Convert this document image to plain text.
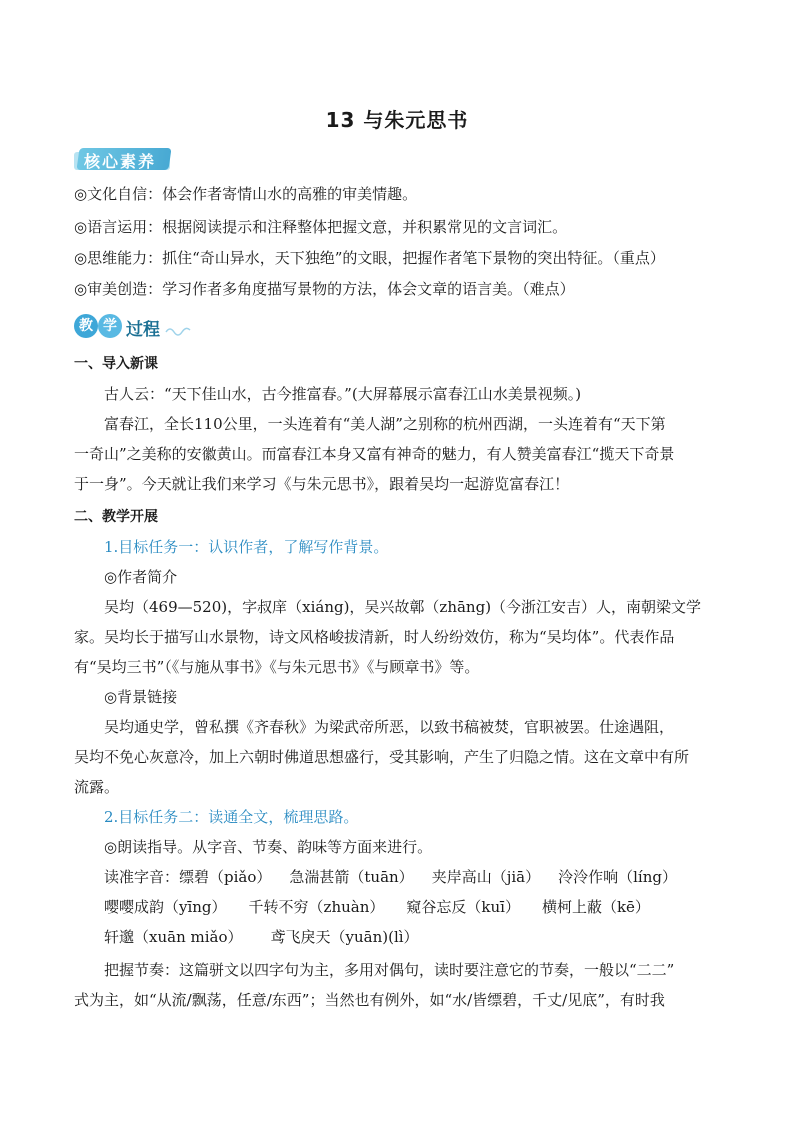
13 与朱元思书
核心素养
◎文化自信：体会作者寄情山水的高雅的审美情趣。
◎语言运用：根据阅读提示和注释整体把握文意，并积累常见的文言词汇。
◎思维能力：抓住“奇山异水，天下独绝”的文眼，把握作者笔下景物的突出特征。（重点）
◎审美创造：学习作者多角度描写景物的方法，体会文章的语言美。（难点）
教 学 过程
一、导入新课
古人云：“天下佳山水，古今推富春。”(大屏幕展示富春江山水美景视频。)
富春江，全长110公里，一头连着有“美人湖”之别称的杭州西湖，一头连着有“天下第
一奇山”之美称的安徽黄山。而富春江本身又富有神奇的魅力，有人赞美富春江“揽天下奇景
于一身”。今天就让我们来学习《与朱元思书》，跟着吴均一起游览富春江！
二、教学开展
1.目标任务一：认识作者，了解写作背景。
◎作者简介
吴均（469—520)，字叔庠（xiáng)，吴兴故鄣（zhāng)（今浙江安吉）人，南朝梁文学
家。吴均长于描写山水景物，诗文风格峻拔清新，时人纷纷效仿，称为“吴均体”。代表作品
有“吴均三书”（《与施从事书》《与朱元思书》《与顾章书》等。
◎背景链接
吴均通史学，曾私撰《齐春秋》为梁武帝所恶，以致书稿被焚，官职被罢。仕途遇阻，
吴均不免心灰意冷，加上六朝时佛道思想盛行，受其影响，产生了归隐之情。这在文章中有所
流露。
2.目标任务二：读通全文，梳理思路。
◎朗读指导。从字音、节奏、韵味等方面来进行。
读准字音：缥碧（piǎo） 急湍甚箭（tuān） 夹岸高山（jiā） 泠泠作响（líng）
嘤嘤成韵（yīng） 千转不穷（zhuàn） 窥谷忘反（kuī） 横柯上蔽（kē）
轩邈（xuān miǎo） 鸢飞戾天（yuān)(lì）
把握节奏：这篇骈文以四字句为主，多用对偶句，读时要注意它的节奏，一般以“二二”
式为主，如“从流/飘荡，任意/东西”；当然也有例外，如“水/皆缥碧，千丈/见底”，有时我
